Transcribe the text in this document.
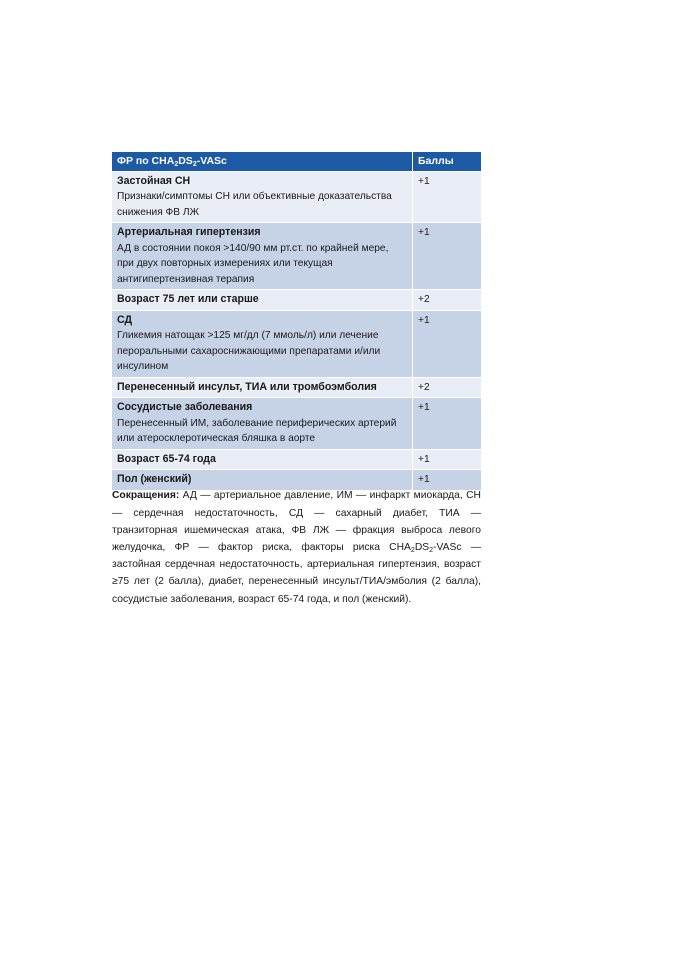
ФР по $CHA_2DS_2$-VASc	Баллы

Застойная СН
Признаки/симптомы СН или объективные доказательства снижения ФВ ЛЖ	+1

Артериальная гипертензия
АД в состоянии покоя >140/90 мм рт.ст. по крайней мере, при двух повторных измерениях или текущая антигипертензивная терапия	+1

Возраст 75 лет или старше	+2

СД
Гликемия натощак >125 мг/дл (7 ммоль/л) или лечение пероральными сахароснижающими препаратами и/или инсулином	+1

Перенесенный инсульт, ТИА или тромбоэмболия	+2

Сосудистые заболевания
Перенесенный ИМ, заболевание периферических артерий или атеросклеротическая бляшка в аорте	+1

Возраст 65-74 года	+1

Пол (женский)	+1

Сокращения: АД — артериальное давление, ИМ — инфаркт миокарда, СН — сердечная недостаточность, СД — сахарный диабет, ТИА — транзиторная ишемическая атака, ФВ ЛЖ — фракция выброса левого желудочка, ФР — фактор риска, факторы риска $CHA_2DS_2$-VASc — застойная сердечная недостаточность, артериальная гипертензия, возраст ≥75 лет (2 балла), диабет, перенесенный инсульт/ТИА/эмболия (2 балла), сосудистые заболевания, возраст 65-74 года, и пол (женский).
